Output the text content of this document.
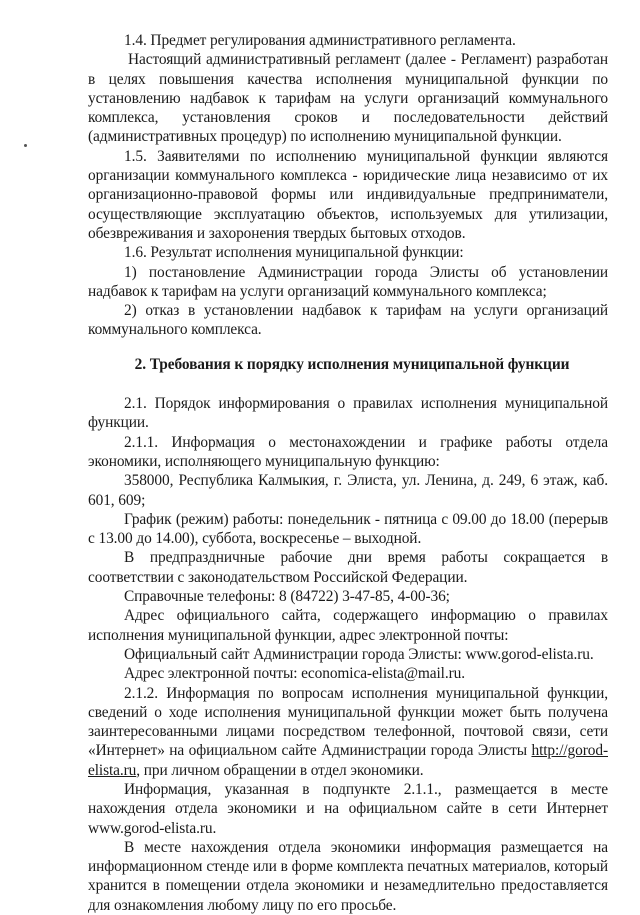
1.4. Предмет регулирования административного регламента.

Настоящий административный регламент (далее - Регламент) разработан в целях повышения качества исполнения муниципальной функции по установлению надбавок к тарифам на услуги организаций коммунального комплекса, установления сроков и последовательности действий (административных процедур) по исполнению муниципальной функции.

1.5. Заявителями по исполнению муниципальной функции являются организации коммунального комплекса - юридические лица независимо от их организационно-правовой формы или индивидуальные предприниматели, осуществляющие эксплуатацию объектов, используемых для утилизации, обезвреживания и захоронения твердых бытовых отходов.

1.6. Результат исполнения муниципальной функции:

1) постановление Администрации города Элисты об установлении надбавок к тарифам на услуги организаций коммунального комплекса;

2) отказ в установлении надбавок к тарифам на услуги организаций коммунального комплекса.

2. Требования к порядку исполнения муниципальной функции

2.1. Порядок информирования о правилах исполнения муниципальной функции.

2.1.1. Информация о местонахождении и графике работы отдела экономики, исполняющего муниципальную функцию:

358000, Республика Калмыкия, г. Элиста, ул. Ленина, д. 249, 6 этаж, каб. 601, 609;

График (режим) работы: понедельник - пятница с 09.00 до 18.00 (перерыв с 13.00 до 14.00), суббота, воскресенье – выходной.

В предпраздничные рабочие дни время работы сокращается в соответствии с законодательством Российской Федерации.

Справочные телефоны: 8 (84722) 3-47-85, 4-00-36;

Адрес официального сайта, содержащего информацию о правилах исполнения муниципальной функции, адрес электронной почты:

Официальный сайт Администрации города Элисты: www.gorod-elista.ru.

Адрес электронной почты: economica-elista@mail.ru.

2.1.2. Информация по вопросам исполнения муниципальной функции, сведений о ходе исполнения муниципальной функции может быть получена заинтересованными лицами посредством телефонной, почтовой связи, сети «Интернет» на официальном сайте Администрации города Элисты http://gorod-elista.ru, при личном обращении в отдел экономики.

Информация, указанная в подпункте 2.1.1., размещается в месте нахождения отдела экономики и на официальном сайте в сети Интернет www.gorod-elista.ru.

В месте нахождения отдела экономики информация размещается на информационном стенде или в форме комплекта печатных материалов, который хранится в помещении отдела экономики и незамедлительно предоставляется для ознакомления любому лицу по его просьбе.
